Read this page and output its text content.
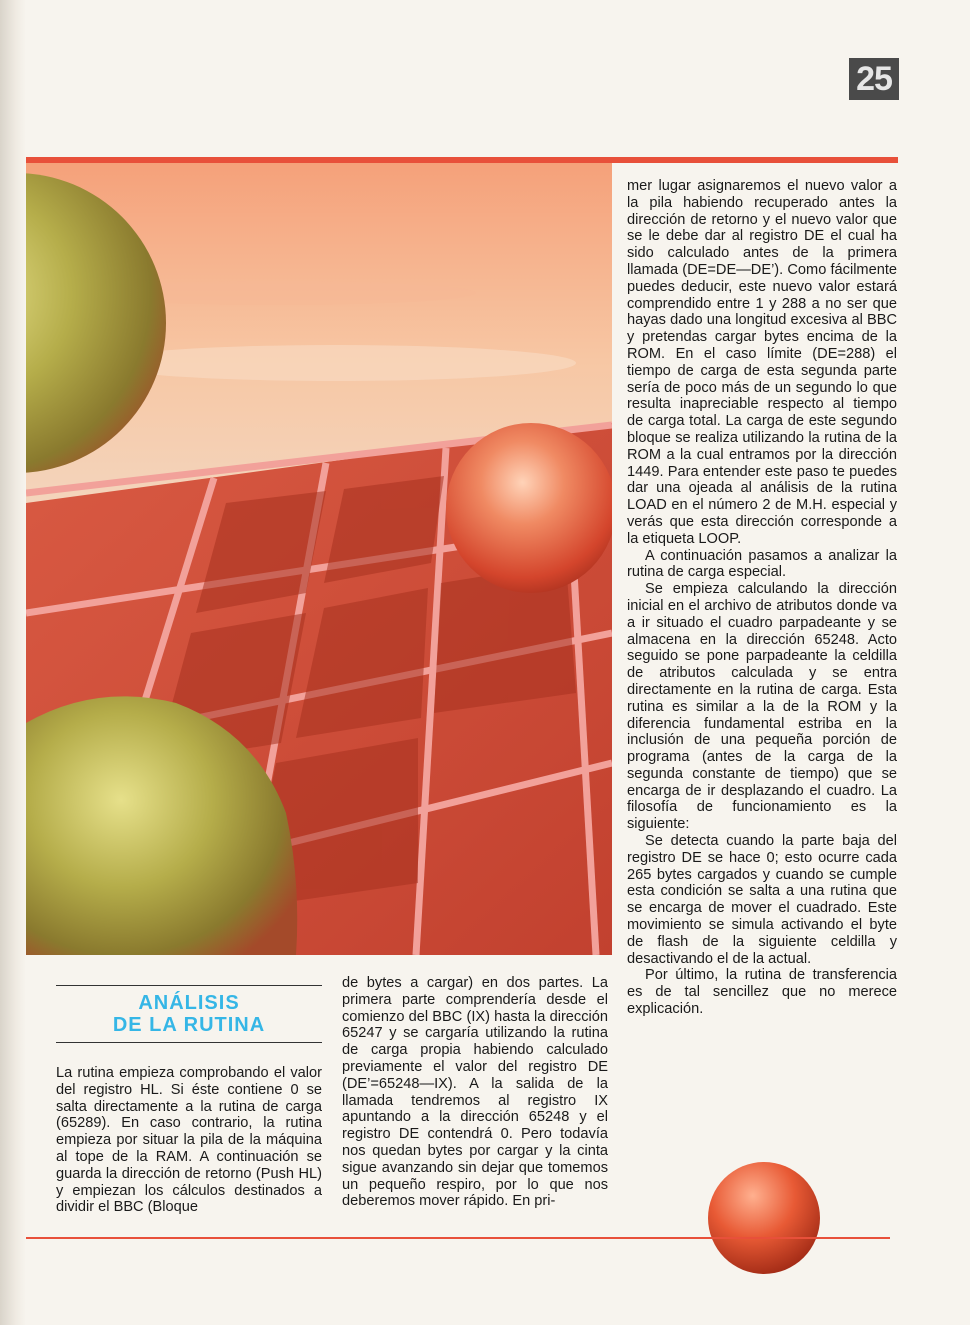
25
ANÁLISIS
DE LA RUTINA

La rutina empieza comprobando el valor del registro HL. Si éste contiene 0 se salta directamente a la rutina de carga (65289). En caso contrario, la rutina empieza por situar la pila de la máquina al tope de la RAM. A continuación se guarda la dirección de retorno (Push HL) y empiezan los cálculos destinados a dividir el BBC (Bloque

de bytes a cargar) en dos partes. La primera parte comprendería desde el comienzo del BBC (IX) hasta la dirección 65247 y se cargaría utilizando la rutina de carga propia habiendo calculado previamente el valor del registro DE (DE’=65248—IX). A la salida de la llamada tendremos al registro IX apuntando a la dirección 65248 y el registro DE contendrá 0. Pero todavía nos quedan bytes por cargar y la cinta sigue avanzando sin dejar que tomemos un pequeño respiro, por lo que nos deberemos mover rápido. En pri-

mer lugar asignaremos el nuevo valor a la pila habiendo recuperado antes la dirección de retorno y el nuevo valor que se le debe dar al registro DE el cual ha sido calculado antes de la primera llamada (DE=DE—DE’). Como fácilmente puedes deducir, este nuevo valor estará comprendido entre 1 y 288 a no ser que hayas dado una longitud excesiva al BBC y pretendas cargar bytes encima de la ROM. En el caso límite (DE=288) el tiempo de carga de esta segunda parte sería de poco más de un segundo lo que resulta inapreciable respecto al tiempo de carga total. La carga de este segundo bloque se realiza utilizando la rutina de la ROM a la cual entramos por la dirección 1449. Para entender este paso te puedes dar una ojeada al análisis de la rutina LOAD en el número 2 de M.H. especial y verás que esta dirección corresponde a la etiqueta LOOP.

A continuación pasamos a analizar la rutina de carga especial.

Se empieza calculando la dirección inicial en el archivo de atributos donde va a ir situado el cuadro parpadeante y se almacena en la dirección 65248. Acto seguido se pone parpadeante la celdilla de atributos calculada y se entra directamente en la rutina de carga. Esta rutina es similar a la de la ROM y la diferencia fundamental estriba en la inclusión de una pequeña porción de programa (antes de la carga de la segunda constante de tiempo) que se encarga de ir desplazando el cuadro. La filosofía de funcionamiento es la siguiente:

Se detecta cuando la parte baja del registro DE se hace 0; esto ocurre cada 265 bytes cargados y cuando se cumple esta condición se salta a una rutina que se encarga de mover el cuadrado. Este movimiento se simula activando el byte de flash de la siguiente celdilla y desactivando el de la actual.

Por último, la rutina de transferencia es de tal sencillez que no merece explicación.
